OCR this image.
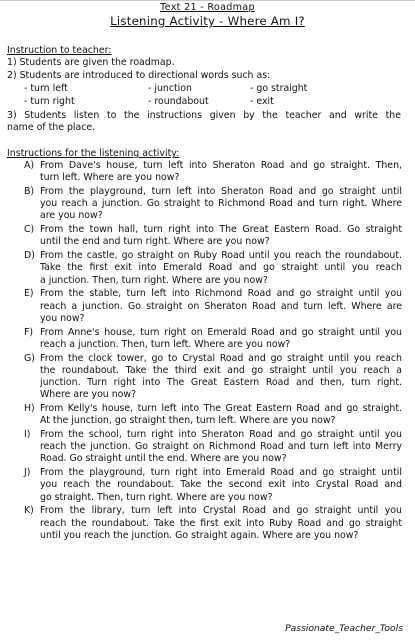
Text 21 - Roadmap
Listening Activity - Where Am I?
Instruction to teacher:
1) Students are given the roadmap.
2) Students are introduced to directional words such as:
- turn left	- junction	- go straight
- turn right	- roundabout	- exit
3) Students listen to the instructions given by the teacher and write the
name of the place.
Instructions for the listening activity:
A) From Dave's house, turn left into Sheraton Road and go straight. Then,
turn left. Where are you now?
B) From the playground, turn left into Sheraton Road and go straight until
you reach a junction. Go straight to Richmond Road and turn right. Where
are you now?
C) From the town hall, turn right into The Great Eastern Road. Go straight
until the end and turn right. Where are you now?
D) From the castle, go straight on Ruby Road until you reach the roundabout.
Take the first exit into Emerald Road and go straight until you reach
a junction. Then, turn right. Where are you now?
E) From the stable, turn left into Richmond Road and go straight until you
reach a junction. Go straight on Sheraton Road and turn left. Where are
you now?
F) From Anne's house, turn right on Emerald Road and go straight until you
reach a junction. Then, turn left. Where are you now?
G) From the clock tower, go to Crystal Road and go straight until you reach
the roundabout. Take the third exit and go straight until you reach a
junction. Turn right into The Great Eastern Road and then, turn right.
Where are you now?
H) From Kelly's house, turn left into The Great Eastern Road and go straight.
At the junction, go straight then, turn left. Where are you now?
I)	From the school, turn right into Sheraton Road and go straight until you
reach the junction. Go straight on Richmond Road and turn left into Merry
Road. Go straight until the end. Where are you now?
J)	From the playground, turn right into Emerald Road and go straight until
you reach the roundabout. Take the second exit into Crystal Road and
go straight. Then, turn right. Where are you now?
K) From the library, turn left into Crystal Road and go straight until you
reach the roundabout. Take the first exit into Ruby Road and go straight
until you reach the junction. Go straight again. Where are you now?
Passionate_Teacher_Tools
